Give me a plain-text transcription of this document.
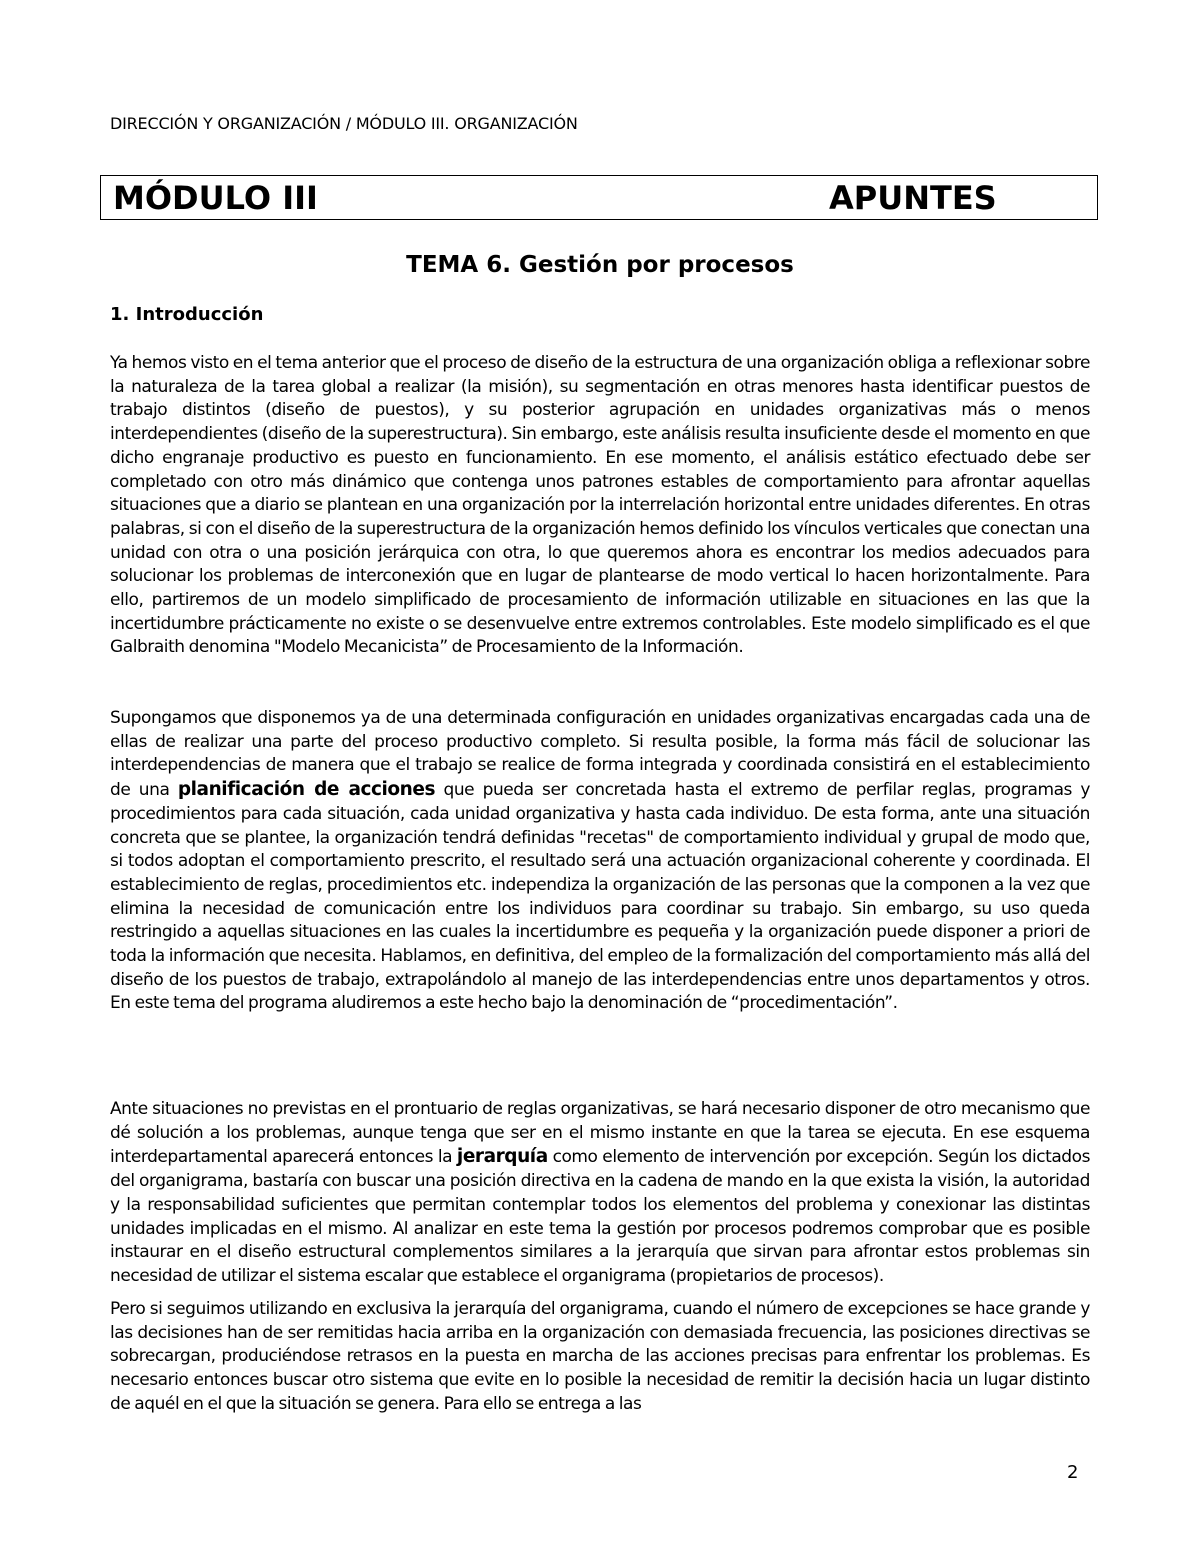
DIRECCIÓN Y ORGANIZACIÓN / MÓDULO III. ORGANIZACIÓN
MÓDULO III	APUNTES
TEMA 6. Gestión por procesos
1. Introducción

Ya hemos visto en el tema anterior que el proceso de diseño de la estructura de una organización obliga a reflexionar sobre la naturaleza de la tarea global a realizar (la misión), su segmentación en otras menores hasta identificar puestos de trabajo distintos (diseño de puestos), y su posterior agrupación en unidades organizativas más o menos interdependientes (diseño de la superestructura). Sin embargo, este análisis resulta insuficiente desde el momento en que dicho engranaje productivo es puesto en funcionamiento. En ese momento, el análisis estático efectuado debe ser completado con otro más dinámico que contenga unos patrones estables de comportamiento para afrontar aquellas situaciones que a diario se plantean en una organización por la interrelación horizontal entre unidades diferentes. En otras palabras, si con el diseño de la superestructura de la organización hemos definido los vínculos verticales que conectan una unidad con otra o una posición jerárquica con otra, lo que queremos ahora es encontrar los medios adecuados para solucionar los problemas de interconexión que en lugar de plantearse de modo vertical lo hacen horizontalmente. Para ello, partiremos de un modelo simplificado de procesamiento de información utilizable en situaciones en las que la incertidumbre prácticamente no existe o se desenvuelve entre extremos controlables. Este modelo simplificado es el que Galbraith denomina "Modelo Mecanicista” de Procesamiento de la Información.

Supongamos que disponemos ya de una determinada configuración en unidades organizativas encargadas cada una de ellas de realizar una parte del proceso productivo completo. Si resulta posible, la forma más fácil de solucionar las interdependencias de manera que el trabajo se realice de forma integrada y coordinada consistirá en el establecimiento de una planificación de acciones que pueda ser concretada hasta el extremo de perfilar reglas, programas y procedimientos para cada situación, cada unidad organizativa y hasta cada individuo. De esta forma, ante una situación concreta que se plantee, la organización tendrá definidas "recetas" de comportamiento individual y grupal de modo que, si todos adoptan el comportamiento prescrito, el resultado será una actuación organizacional coherente y coordinada. El establecimiento de reglas, procedimientos etc. independiza la organización de las personas que la componen a la vez que elimina la necesidad de comunicación entre los individuos para coordinar su trabajo. Sin embargo, su uso queda restringido a aquellas situaciones en las cuales la incertidumbre es pequeña y la organización puede disponer a priori de toda la información que necesita. Hablamos, en definitiva, del empleo de la formalización del comportamiento más allá del diseño de los puestos de trabajo, extrapolándolo al manejo de las interdependencias entre unos departamentos y otros. En este tema del programa aludiremos a este hecho bajo la denominación de “procedimentación”.

Ante situaciones no previstas en el prontuario de reglas organizativas, se hará necesario disponer de otro mecanismo que dé solución a los problemas, aunque tenga que ser en el mismo instante en que la tarea se ejecuta. En ese esquema interdepartamental aparecerá entonces la jerarquía como elemento de intervención por excepción. Según los dictados del organigrama, bastaría con buscar una posición directiva en la cadena de mando en la que exista la visión, la autoridad y la responsabilidad suficientes que permitan contemplar todos los elementos del problema y conexionar las distintas unidades implicadas en el mismo. Al analizar en este tema la gestión por procesos podremos comprobar que es posible instaurar en el diseño estructural complementos similares a la jerarquía que sirvan para afrontar estos problemas sin necesidad de utilizar el sistema escalar que establece el organigrama (propietarios de procesos).

Pero si seguimos utilizando en exclusiva la jerarquía del organigrama, cuando el número de excepciones se hace grande y las decisiones han de ser remitidas hacia arriba en la organización con demasiada frecuencia, las posiciones directivas se sobrecargan, produciéndose retrasos en la puesta en marcha de las acciones precisas para enfrentar los problemas. Es necesario entonces buscar otro sistema que evite en lo posible la necesidad de remitir la decisión hacia un lugar distinto de aquél en el que la situación se genera. Para ello se entrega a las

2
